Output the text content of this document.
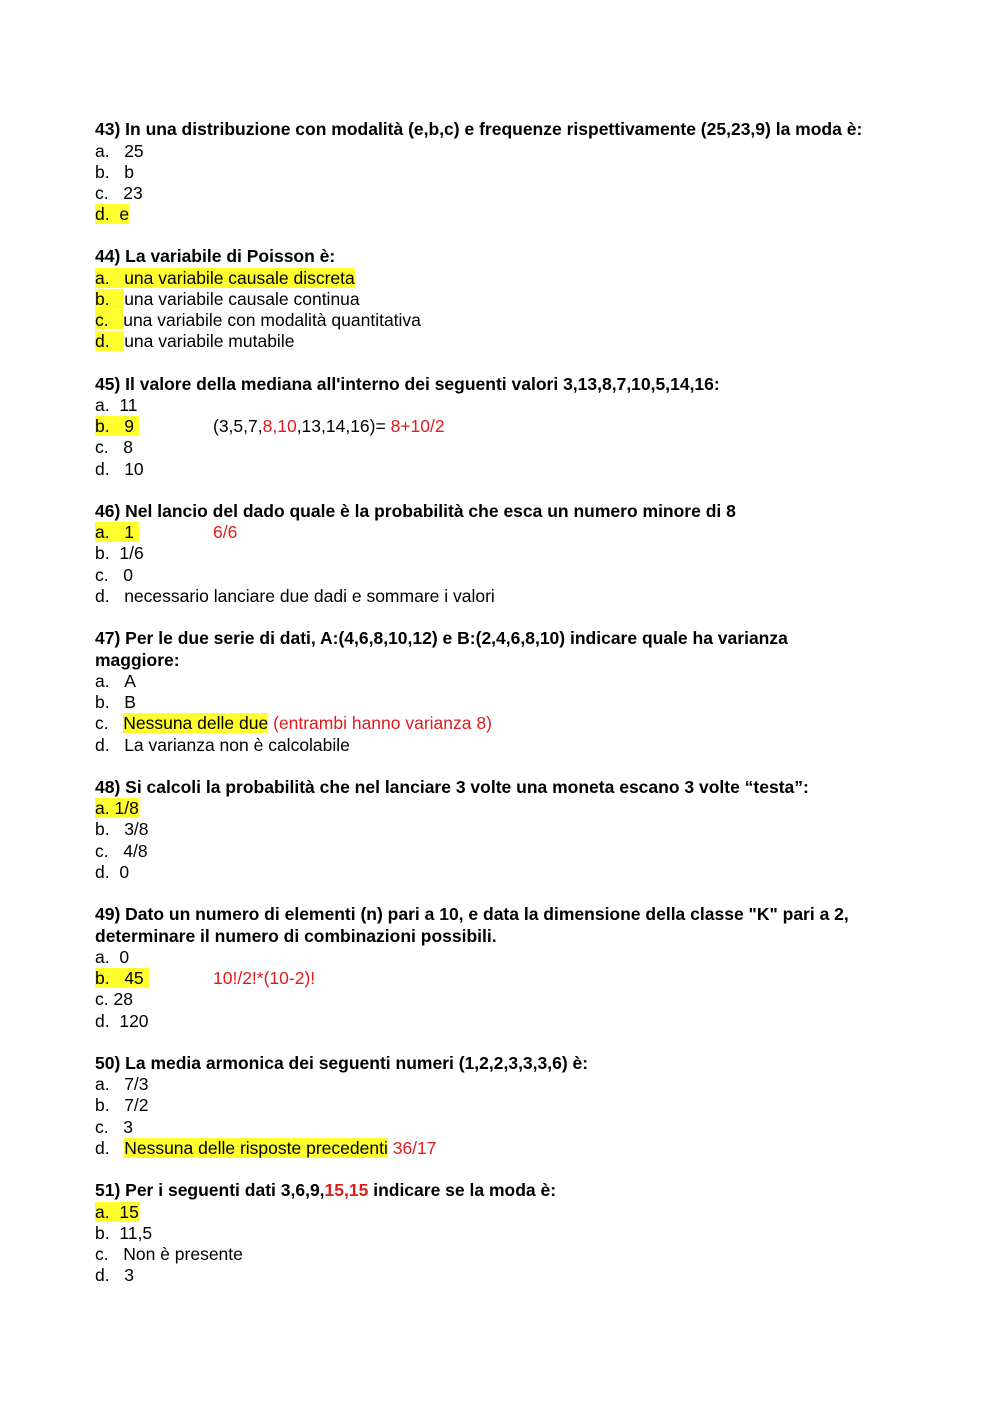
43) In una distribuzione con modalità (e,b,c) e frequenze rispettivamente (25,23,9) la moda è:

a. 25
b. b
c. 23
d. e

44) La variabile di Poisson è:

a. una variabile causale discreta
b. una variabile causale continua
c. una variabile con modalità quantitativa
d. una variabile mutabile

45) Il valore della mediana all'interno dei seguenti valori 3,13,8,7,10,5,14,16:

a. 11
b. 9	(3,5,7,8,10,13,14,16)= 8+10/2
c. 8
d. 10

46) Nel lancio del dado quale è la probabilità che esca un numero minore di 8

a. 1	6/6
b. 1/6
c. 0
d. necessario lanciare due dadi e sommare i valori

47) Per le due serie di dati, A:(4,6,8,10,12) e B:(2,4,6,8,10) indicare quale ha varianza

maggiore:

a. A
b. B
c. Nessuna delle due (entrambi hanno varianza 8)
d. La varianza non è calcolabile

48) Si calcoli la probabilità che nel lanciare 3 volte una moneta escano 3 volte “testa”:

a. 1/8
b. 3/8
c. 4/8
d. 0

49) Dato un numero di elementi (n) pari a 10, e data la dimensione della classe "K" pari a 2,

determinare il numero di combinazioni possibili.

a. 0
b. 45	10!/2!*(10-2)!
c. 28
d. 120

50) La media armonica dei seguenti numeri (1,2,2,3,3,3,6) è:

a. 7/3
b. 7/2
c. 3
d. Nessuna delle risposte precedenti 36/17

51) Per i seguenti dati 3,6,9,15,15 indicare se la moda è:

a. 15
b. 11,5
c. Non è presente
d. 3
